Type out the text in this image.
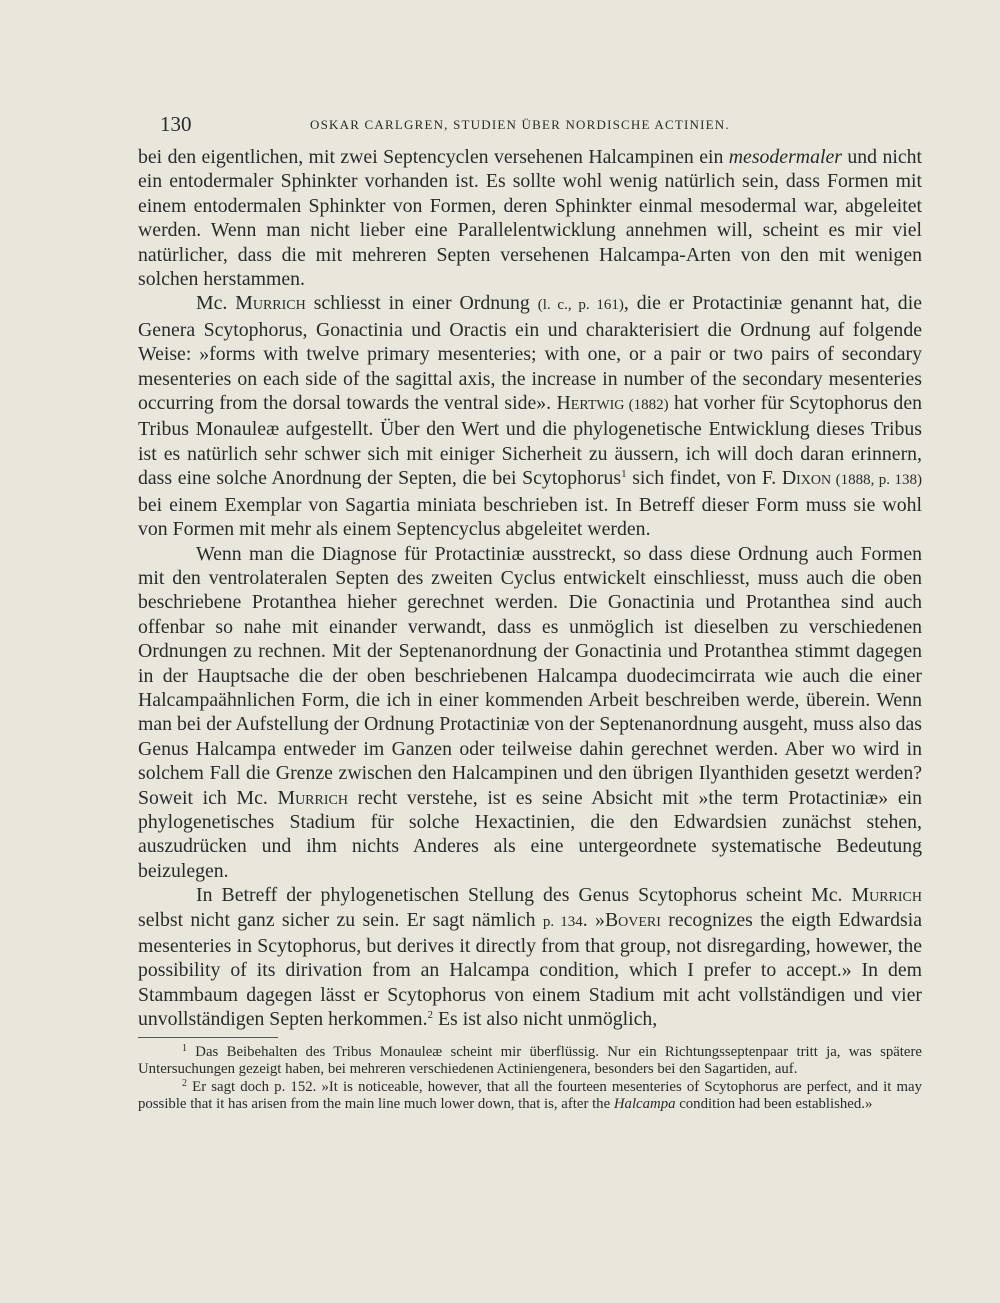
130	OSKAR CARLGREN, STUDIEN ÜBER NORDISCHE ACTINIEN.

bei den eigentlichen, mit zwei Septencyclen versehenen Halcampinen ein mesodermaler und nicht ein entodermaler Sphinkter vorhanden ist. Es sollte wohl wenig natürlich sein, dass Formen mit einem entodermalen Sphinkter von Formen, deren Sphinkter einmal mesodermal war, abgeleitet werden. Wenn man nicht lieber eine Parallelentwicklung annehmen will, scheint es mir viel natürlicher, dass die mit mehreren Septen versehenen Halcampa-Arten von den mit wenigen solchen herstammen.

Mc. Murrich schliesst in einer Ordnung (l. c., p. 161), die er Protactiniæ genannt hat, die Genera Scytophorus, Gonactinia und Oractis ein und charakterisiert die Ordnung auf folgende Weise: »forms with twelve primary mesenteries; with one, or a pair or two pairs of secondary mesenteries on each side of the sagittal axis, the increase in number of the secondary mesenteries occurring from the dorsal towards the ventral side». Hertwig (1882) hat vorher für Scytophorus den Tribus Monauleæ aufgestellt. Über den Wert und die phylogenetische Entwicklung dieses Tribus ist es natürlich sehr schwer sich mit einiger Sicherheit zu äussern, ich will doch daran erinnern, dass eine solche Anordnung der Septen, die bei Scytophorus$^1$ sich findet, von F. Dixon (1888, p. 138) bei einem Exemplar von Sagartia miniata beschrieben ist. In Betreff dieser Form muss sie wohl von Formen mit mehr als einem Septencyclus abgeleitet werden.

Wenn man die Diagnose für Protactiniæ ausstreckt, so dass diese Ordnung auch Formen mit den ventrolateralen Septen des zweiten Cyclus entwickelt einschliesst, muss auch die oben beschriebene Protanthea hieher gerechnet werden. Die Gonactinia und Protanthea sind auch offenbar so nahe mit einander verwandt, dass es unmöglich ist dieselben zu verschiedenen Ordnungen zu rechnen. Mit der Septenanordnung der Gonactinia und Protanthea stimmt dagegen in der Hauptsache die der oben beschriebenen Halcampa duodecimcirrata wie auch die einer Halcampaähnlichen Form, die ich in einer kommenden Arbeit beschreiben werde, überein. Wenn man bei der Aufstellung der Ordnung Protactiniæ von der Septenanordnung ausgeht, muss also das Genus Halcampa entweder im Ganzen oder teilweise dahin gerechnet werden. Aber wo wird in solchem Fall die Grenze zwischen den Halcampinen und den übrigen Ilyanthiden gesetzt werden? Soweit ich Mc. Murrich recht verstehe, ist es seine Absicht mit »the term Protactiniæ» ein phylogenetisches Stadium für solche Hexactinien, die den Edwardsien zunächst stehen, auszudrücken und ihm nichts Anderes als eine untergeordnete systematische Bedeutung beizulegen.

In Betreff der phylogenetischen Stellung des Genus Scytophorus scheint Mc. Murrich selbst nicht ganz sicher zu sein. Er sagt nämlich p. 134. »Boveri recognizes the eigth Edwardsia mesenteries in Scytophorus, but derives it directly from that group, not disregarding, howewer, the possibility of its dirivation from an Halcampa condition, which I prefer to accept.» In dem Stammbaum dagegen lässt er Scytophorus von einem Stadium mit acht vollständigen und vier unvollständigen Septen herkommen.$^2$ Es ist also nicht unmöglich,

$^1$ Das Beibehalten des Tribus Monauleæ scheint mir überflüssig. Nur ein Richtungsseptenpaar tritt ja, was spätere Untersuchungen gezeigt haben, bei mehreren verschiedenen Actiniengenera, besonders bei den Sagartiden, auf.

$^2$ Er sagt doch p. 152. »It is noticeable, however, that all the fourteen mesenteries of Scytophorus are perfect, and it may possible that it has arisen from the main line much lower down, that is, after the Halcampa condition had been established.»
